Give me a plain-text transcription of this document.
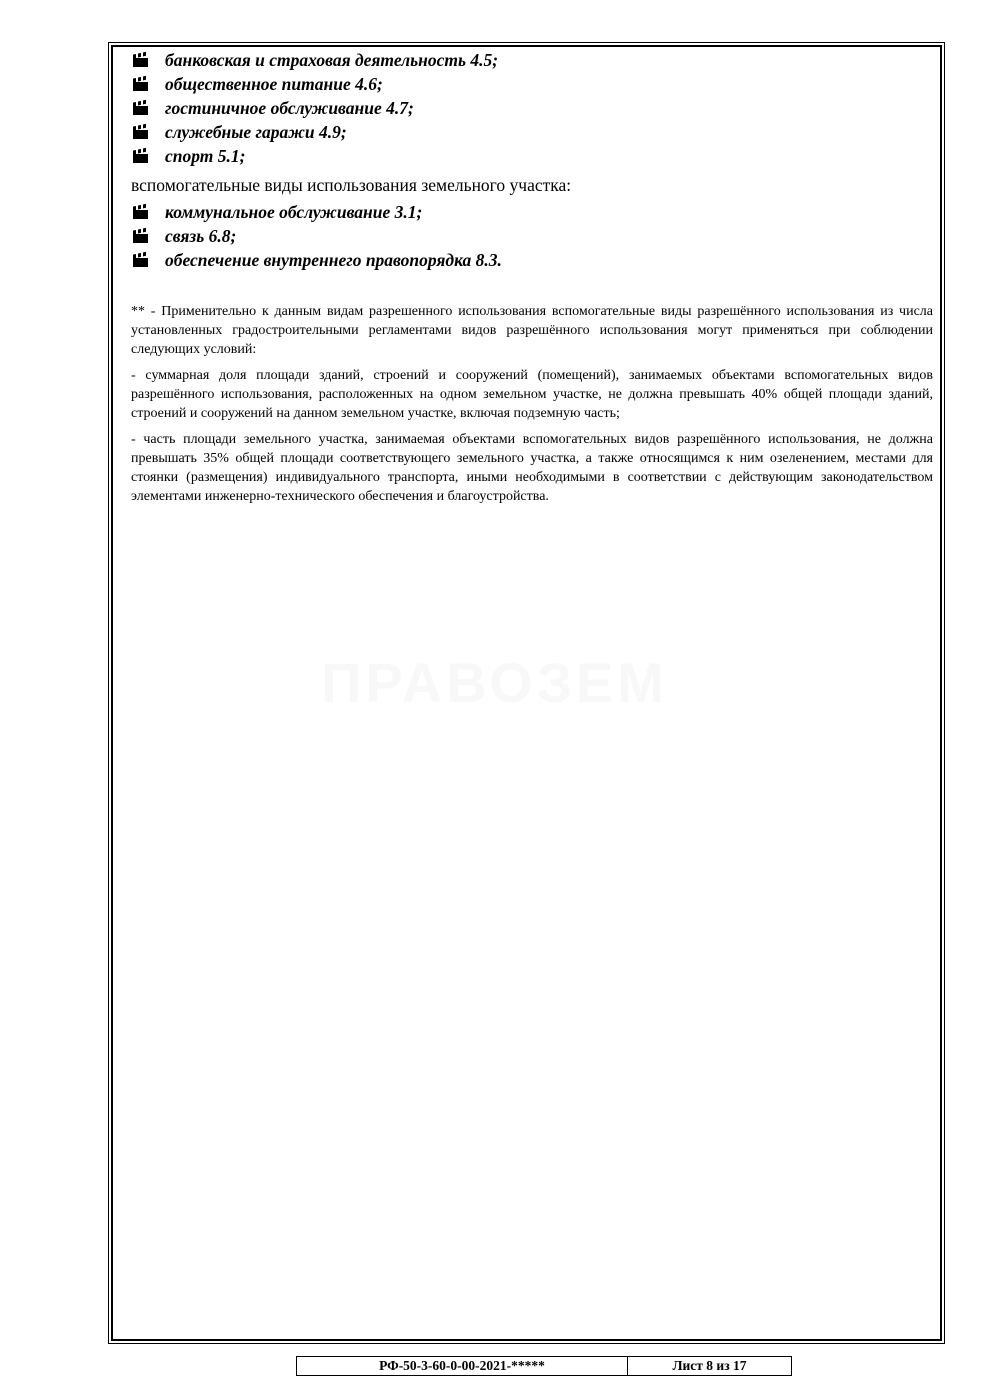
ПРАВОЗЕМ
банковская и страховая деятельность 4.5;
общественное питание 4.6;
гостиничное обслуживание 4.7;
служебные гаражи 4.9;
спорт 5.1;
вспомогательные виды использования земельного участка:
коммунальное обслуживание 3.1;
связь 6.8;
обеспечение внутреннего правопорядка 8.3.

** - Применительно к данным видам разрешенного использования вспомогательные виды разрешённого использования из числа установленных градостроительными регламентами видов разрешённого использования могут применяться при соблюдении следующих условий:

- суммарная доля площади зданий, строений и сооружений (помещений), занимаемых объектами вспомогательных видов разрешённого использования, расположенных на одном земельном участке, не должна превышать 40% общей площади зданий, строений и сооружений на данном земельном участке, включая подземную часть;

- часть площади земельного участка, занимаемая объектами вспомогательных видов разрешённого использования, не должна превышать 35% общей площади соответствующего земельного участка, а также относящимся к ним озеленением, местами для стоянки (размещения) индивидуального транспорта, иными необходимыми в соответствии с действующим законодательством элементами инженерно-технического обеспечения и благоустройства.

РФ-50-3-60-0-00-2021-*****	Лист 8 из 17
